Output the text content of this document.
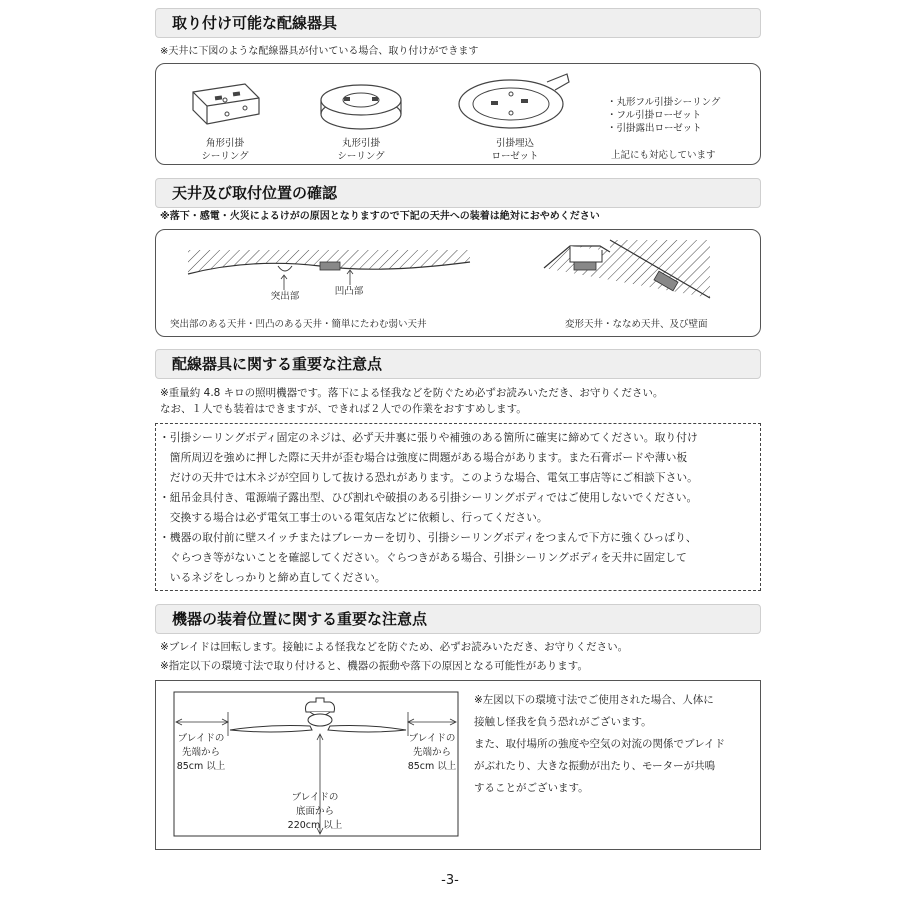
取り付け可能な配線器具
※天井に下図のような配線器具が付いている場合、取り付けができます
角形引掛
シーリング
丸形引掛
シーリング
引掛埋込
ローゼット
・丸形フル引掛シーリング
・フル引掛ローゼット
・引掛露出ローゼット
上記にも対応しています
天井及び取付位置の確認
※落下・感電・火災によるけがの原因となりますので下記の天井への装着は絶対におやめください
突出部	凹凸部
突出部のある天井・凹凸のある天井・簡単にたわむ弱い天井	変形天井・ななめ天井、及び壁面
配線器具に関する重要な注意点
※重量約 4.8 キロの照明機器です。落下による怪我などを防ぐため必ずお読みいただき、お守りください。
なお、１人でも装着はできますが、できれば２人での作業をおすすめします。
・引掛シーリングボディ固定のネジは、必ず天井裏に張りや補強のある箇所に確実に締めてください。取り付け
　箇所周辺を強めに押した際に天井が歪む場合は強度に問題がある場合があります。また石膏ボードや薄い板
　だけの天井では木ネジが空回りして抜ける恐れがあります。このような場合、電気工事店等にご相談下さい。
・紐吊金具付き、電源端子露出型、ひび割れや破損のある引掛シーリングボディではご使用しないでください。
　交換する場合は必ず電気工事士のいる電気店などに依頼し、行ってください。
・機器の取付前に壁スイッチまたはブレーカーを切り、引掛シーリングボディをつまんで下方に強くひっぱり、
　ぐらつき等がないことを確認してください。ぐらつきがある場合、引掛シーリングボディを天井に固定して
　いるネジをしっかりと締め直してください。
機器の装着位置に関する重要な注意点
※ブレイドは回転します。接触による怪我などを防ぐため、必ずお読みいただき、お守りください。
※指定以下の環境寸法で取り付けると、機器の振動や落下の原因となる可能性があります。
ブレイドの
先端から
85cm 以上
ブレイドの
先端から
85cm 以上
ブレイドの
底面から
220cm 以上
※左図以下の環境寸法でご使用された場合、人体に
接触し怪我を負う恐れがございます。
また、取付場所の強度や空気の対流の関係でブレイド
がぶれたり、大きな振動が出たり、モーターが共鳴
することがございます。
-3-
